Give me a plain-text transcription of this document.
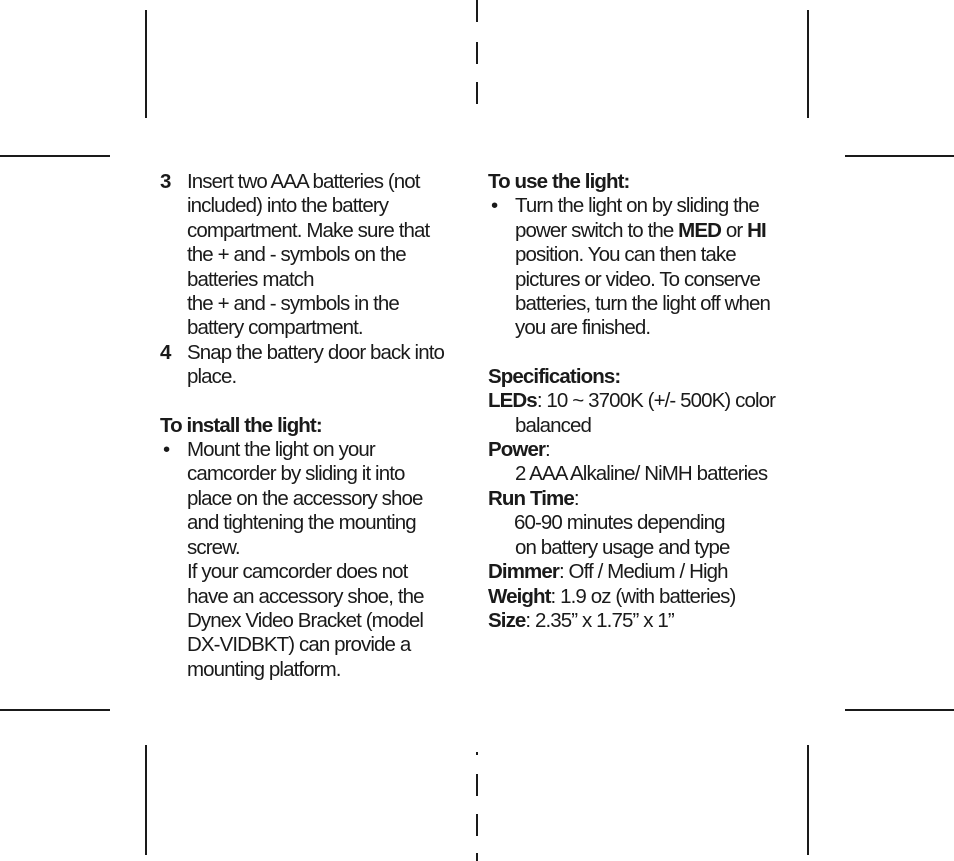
3 Insert two AAA batteries (not
included) into the battery
compartment. Make sure that
the + and - symbols on the
batteries match
the + and - symbols in the
battery compartment.
4 Snap the battery door back into
place.
To install the light:
• Mount the light on your
camcorder by sliding it into
place on the accessory shoe
and tightening the mounting
screw.
If your camcorder does not
have an accessory shoe, the
Dynex Video Bracket (model
DX-VIDBKT) can provide a
mounting platform.
To use the light:
• Turn the light on by sliding the
power switch to the MED or HI
position. You can then take
pictures or video. To conserve
batteries, turn the light off when
you are finished.
Specifications:
LEDs: 10 ~ 3700K (+/- 500K) color
balanced
Power:
2 AAA Alkaline/ NiMH batteries
Run Time:
60-90 minutes depending
on battery usage and type
Dimmer: Off / Medium / High
Weight: 1.9 oz (with batteries)
Size: 2.35” x 1.75” x 1”
